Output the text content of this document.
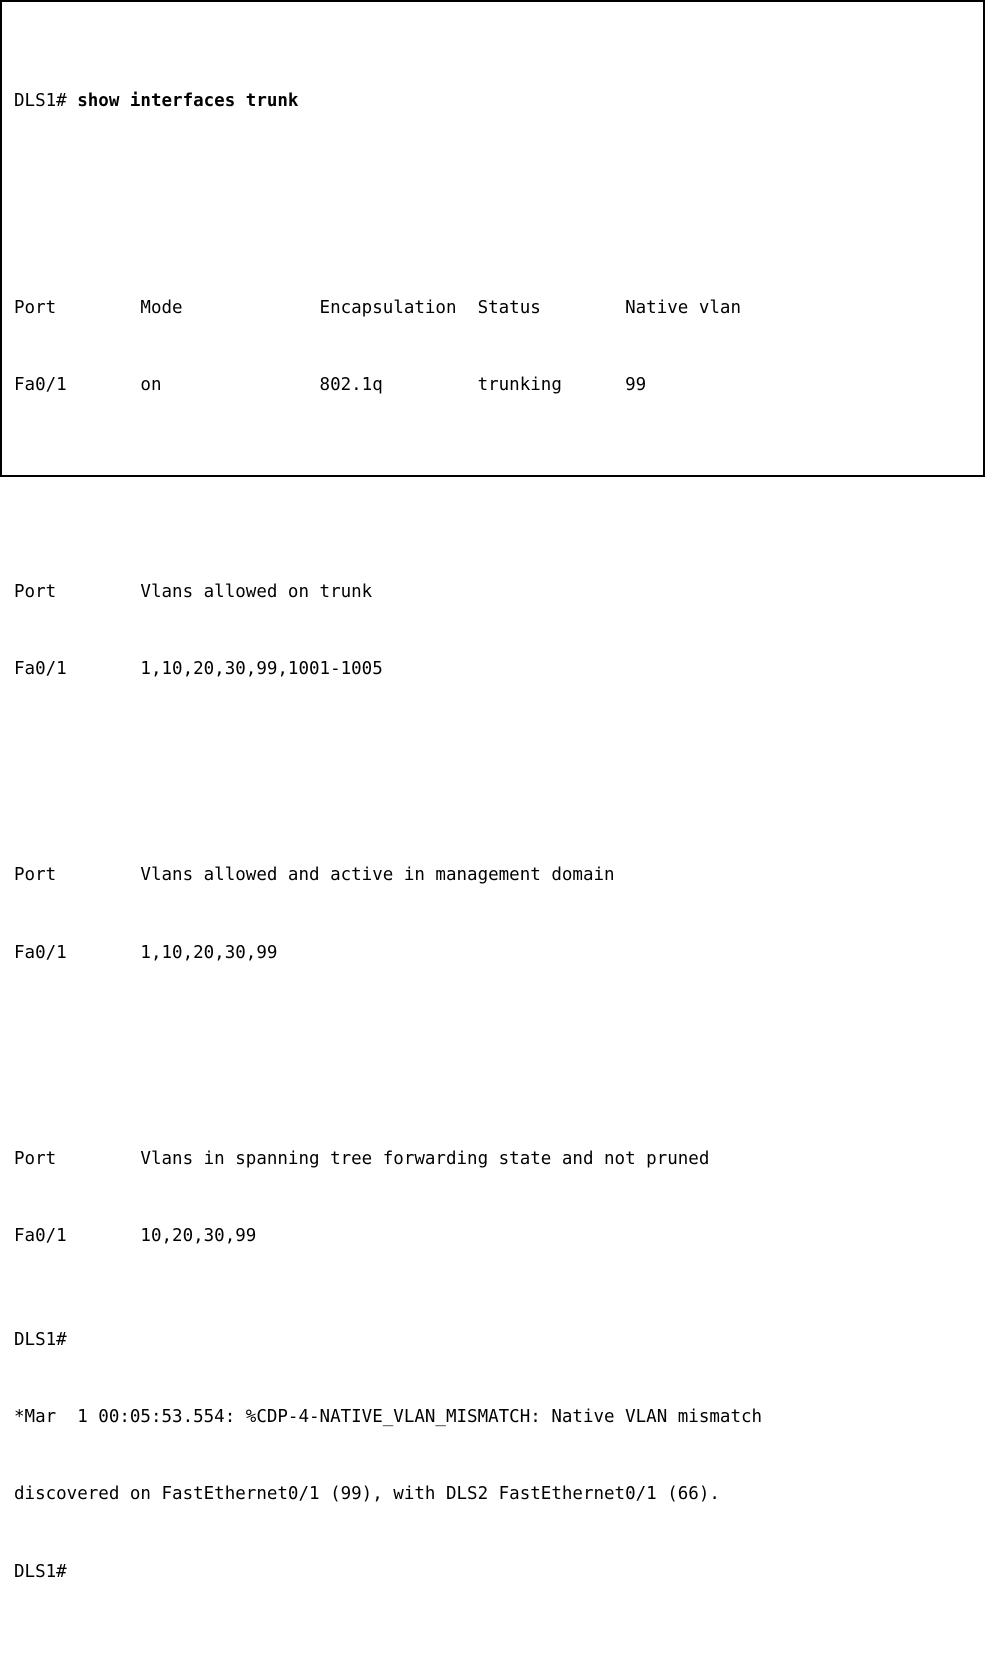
DLS1# show interfaces trunk

Port        Mode             Encapsulation  Status        Native vlan

Fa0/1       on               802.1q         trunking      99

Port        Vlans allowed on trunk

Fa0/1       1,10,20,30,99,1001-1005

Port        Vlans allowed and active in management domain

Fa0/1       1,10,20,30,99

Port        Vlans in spanning tree forwarding state and not pruned

Fa0/1       10,20,30,99

DLS1#

*Mar  1 00:05:53.554: %CDP-4-NATIVE_VLAN_MISMATCH: Native VLAN mismatch

discovered on FastEthernet0/1 (99), with DLS2 FastEthernet0/1 (66).

DLS1#
